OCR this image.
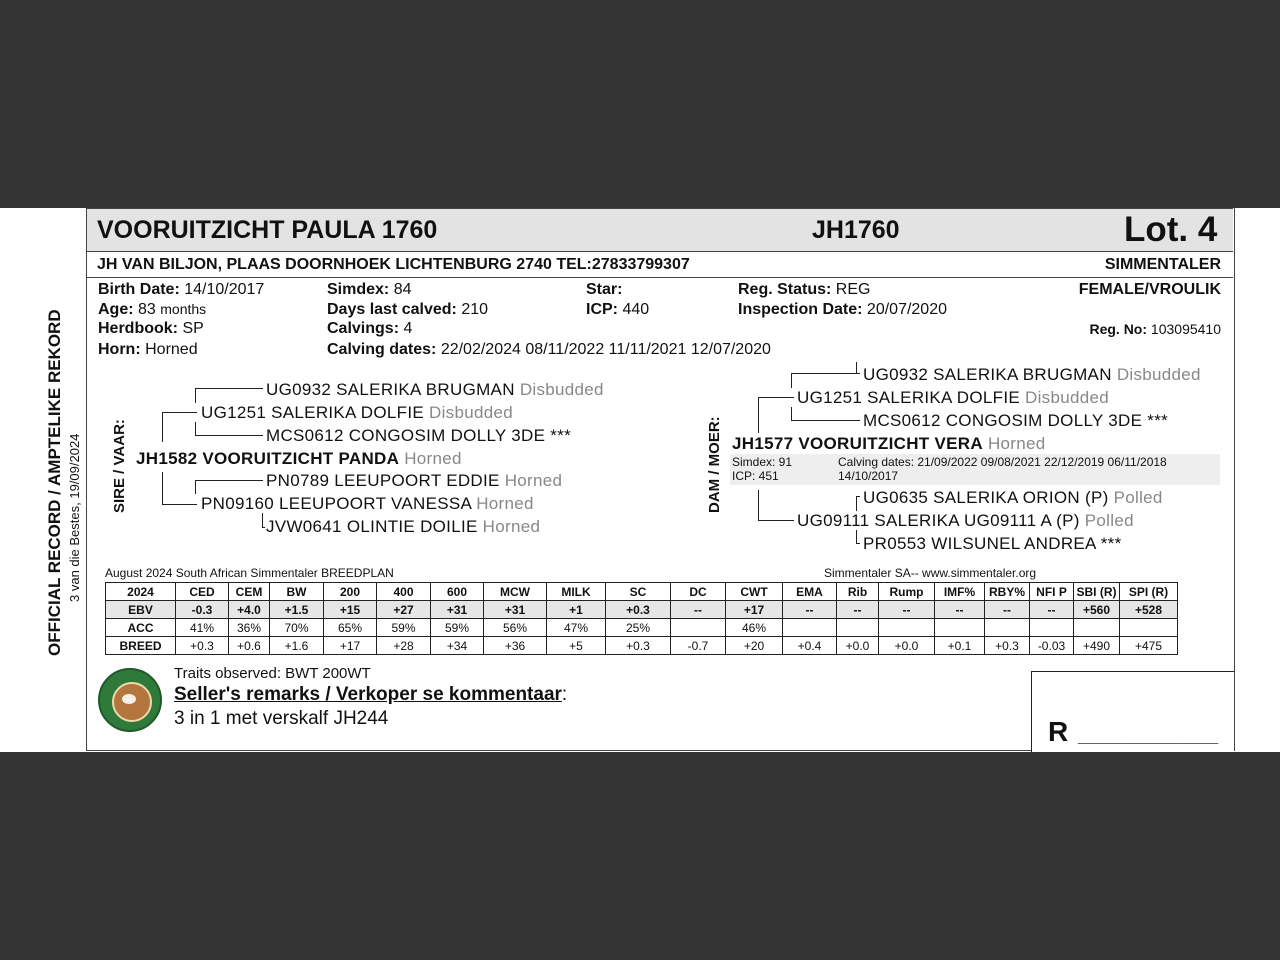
OFFICIAL RECORD / AMPTELIKE REKORD 3 van die Bestes, 19/09/2024
VOORUITZICHT PAULA 1760	JH1760	Lot. 4
JH VAN BILJON, PLAAS DOORNHOEK LICHTENBURG 2740 TEL:27833799307	SIMMENTALER
Birth Date: 14/10/2017
Age: 83 months
Herdbook: SP
Horn: Horned
Simdex: 84
Days last calved: 210
Calvings: 4
Calving dates: 22/02/2024 08/11/2022 11/11/2021 12/07/2020
Star:
ICP: 440
Reg. Status: REG
Inspection Date: 20/07/2020
FEMALE/VROULIK
Reg. No: 103095410
SIRE / VAAR:
UG0932 SALERIKA BRUGMAN Disbudded
UG1251 SALERIKA DOLFIE Disbudded
MCS0612 CONGOSIM DOLLY 3DE ***
JH1582 VOORUITZICHT PANDA Horned
PN0789 LEEUPOORT EDDIE Horned
PN09160 LEEUPOORT VANESSA Horned
JVW0641 OLINTIE DOILIE Horned
DAM / MOER:
UG0932 SALERIKA BRUGMAN Disbudded
UG1251 SALERIKA DOLFIE Disbudded
MCS0612 CONGOSIM DOLLY 3DE ***
JH1577 VOORUITZICHT VERA Horned
Simdex: 91
ICP: 451
Calving dates: 21/09/2022 09/08/2021 22/12/2019 06/11/2018
14/10/2017
UG0635 SALERIKA ORION (P) Polled
UG09111 SALERIKA UG09111 A (P) Polled
PR0553 WILSUNEL ANDREA ***
August 2024 South African Simmentaler BREEDPLAN	Simmentaler SA-- www.simmentaler.org
2024	CED	CEM	BW	200	400	600	MCW	MILK	SC	DC	CWT	EMA	Rib	Rump	IMF%	RBY%	NFI P	SBI (R)	SPI (R)
EBV	-0.3	+4.0	+1.5	+15	+27	+31	+31	+1	+0.3	--	+17	--	--	--	--	--	--	+560	+528
ACC	41%	36%	70%	65%	59%	59%	56%	47%	25%		46%								
BREED	+0.3	+0.6	+1.6	+17	+28	+34	+36	+5	+0.3	-0.7	+20	+0.4	+0.0	+0.0	+0.1	+0.3	-0.03	+490	+475
Traits observed: BWT 200WT
Seller's remarks / Verkoper se kommentaar:
3 in 1 met verskalf JH244	R __________________
